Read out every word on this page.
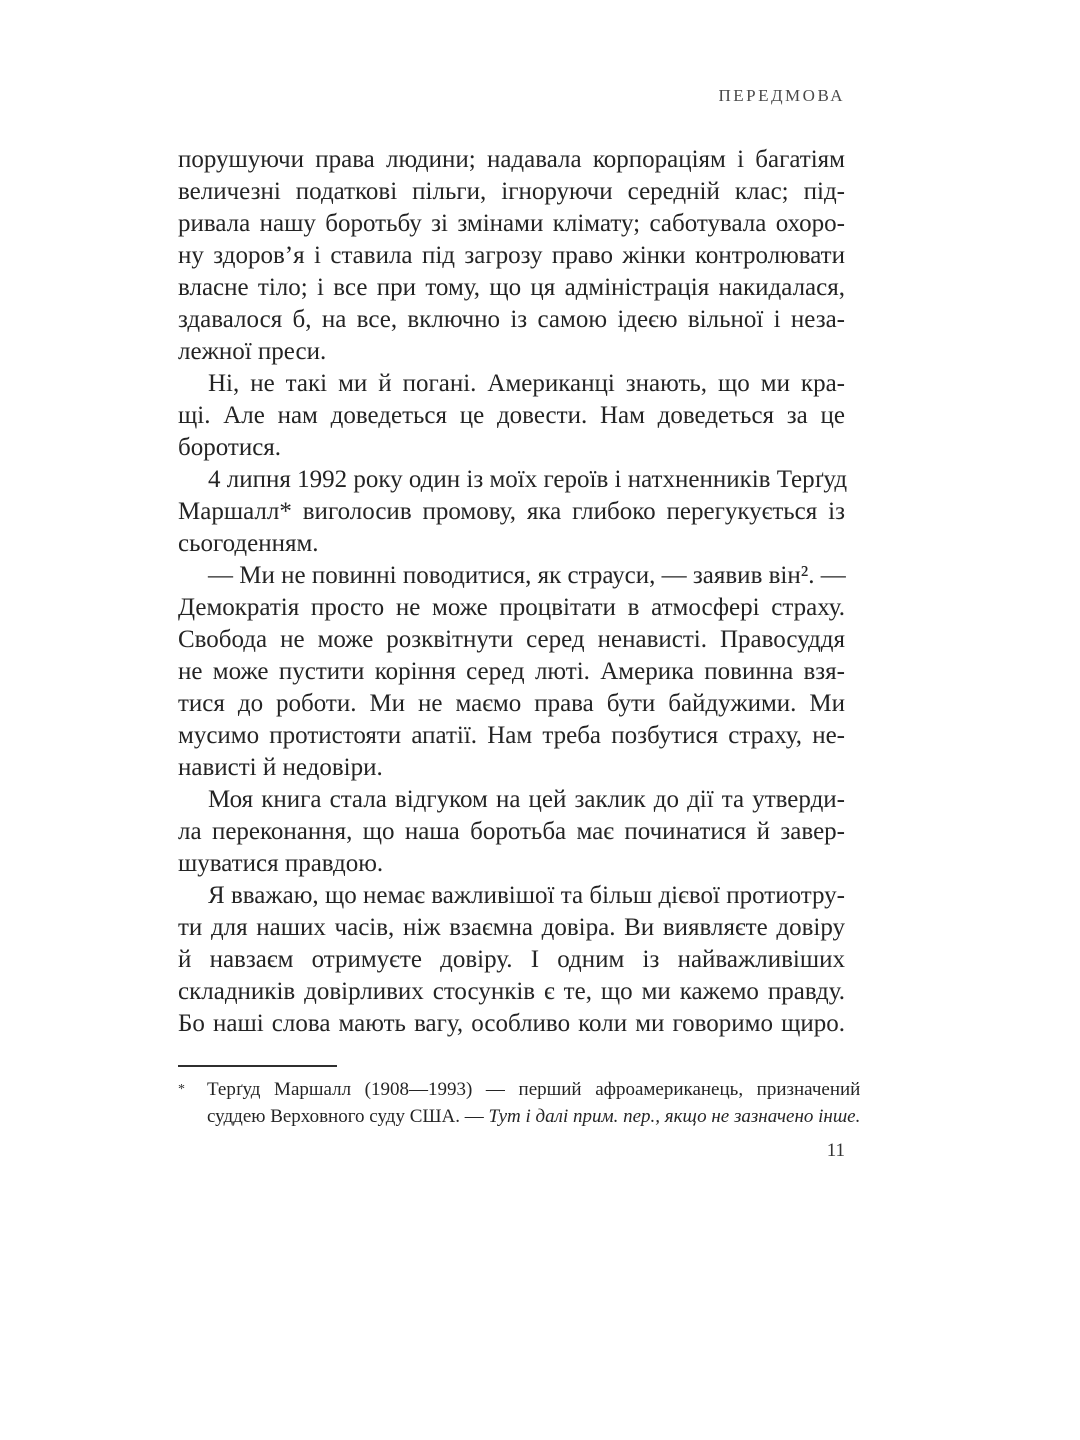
ПЕРЕДМОВА
порушуючи права людини; надавала корпораціям і багатіям
величезні податкові пільги, ігноруючи середній клас; під-
ривала нашу боротьбу зі змінами клімату; саботувала охоро-
ну здоров’я і ставила під загрозу право жінки контролювати
власне тіло; і все при тому, що ця адміністрація накидалася,
здавалося б, на все, включно із самою ідеєю вільної і неза-
лежної преси.
Ні, не такі ми й погані. Американці знають, що ми кра-
щі. Але нам доведеться це довести. Нам доведеться за це
боротися.
4 липня 1992 року один із моїх героїв і натхненників Терґуд
Маршалл* виголосив промову, яка глибоко перегукується із
сьогоденням.
— Ми не повинні поводитися, як страуси, — заявив він². —
Демократія просто не може процвітати в атмосфері страху.
Свобода не може розквітнути серед ненависті. Правосуддя
не може пустити коріння серед люті. Америка повинна взя-
тися до роботи. Ми не маємо права бути байдужими. Ми
мусимо протистояти апатії. Нам треба позбутися страху, не-
нависті й недовіри.
Моя книга стала відгуком на цей заклик до дії та утверди-
ла переконання, що наша боротьба має починатися й завер-
шуватися правдою.
Я вважаю, що немає важливішої та більш дієвої протиотру-
ти для наших часів, ніж взаємна довіра. Ви виявляєте довіру
й навзаєм отримуєте довіру. І одним із найважливіших
складників довірливих стосунків є те, що ми кажемо правду.
Бо наші слова мають вагу, особливо коли ми говоримо щиро.
*	Терґуд Маршалл (1908—1993) — перший афроамериканець, призначений
суддею Верховного суду США. — Тут і далі прим. пер., якщо не зазначено інше.
11
